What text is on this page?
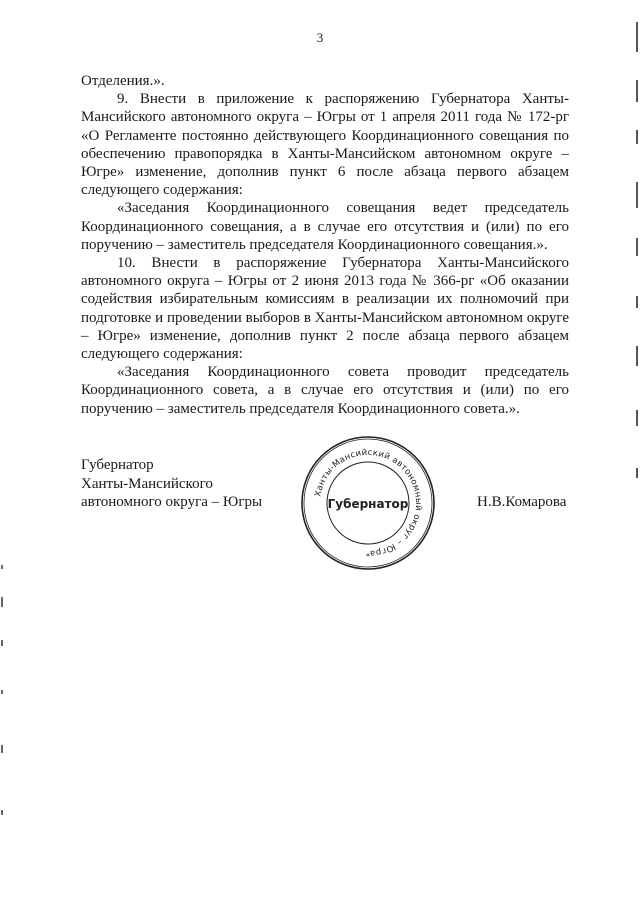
3

Отделения.».

9. Внести в приложение к распоряжению Губернатора Ханты-Мансийского автономного округа – Югры от 1 апреля 2011 года № 172-рг «О Регламенте постоянно действующего Координационного совещания по обеспечению правопорядка в Ханты-Мансийском автономном округе – Югре» изменение, дополнив пункт 6 после абзаца первого абзацем следующего содержания:

«Заседания Координационного совещания ведет председатель Координационного совещания, а в случае его отсутствия и (или) по его поручению – заместитель председателя Координационного совещания.».

10. Внести в распоряжение Губернатора Ханты-Мансийского автономного округа – Югры от 2 июня 2013 года № 366-рг «Об оказании содействия избирательным комиссиям в реализации их полномочий при подготовке и проведении выборов в Ханты-Мансийском автономном округе – Югре» изменение, дополнив пункт 2 после абзаца первого абзацем следующего содержания:

«Заседания Координационного совета проводит председатель Координационного совета, а в случае его отсутствия и (или) по его поручению – заместитель председателя Координационного совета.».

Губернатор
Ханты-Мансийского
автономного округа – Югры	Н.В.Комарова
Ханты-Мансийский автономный округ – Югра
Губернатор
*
